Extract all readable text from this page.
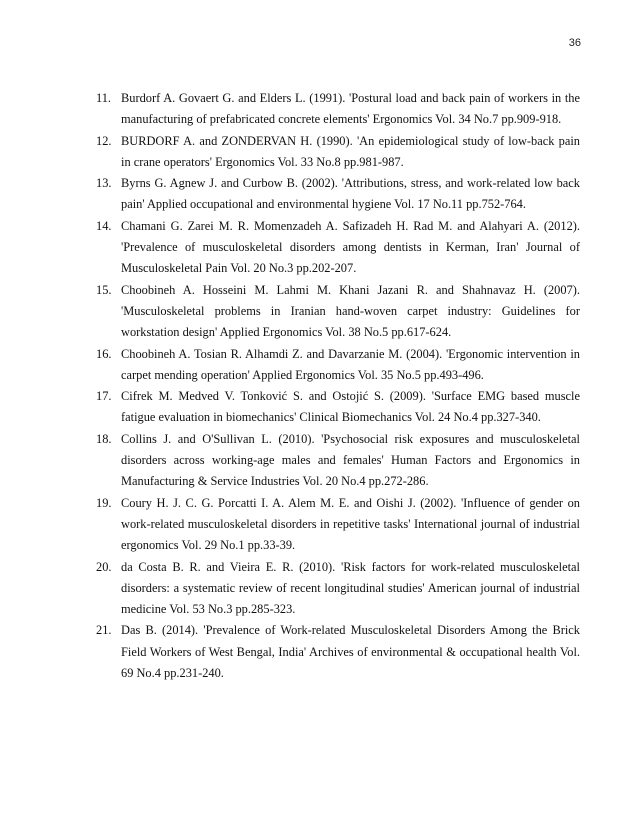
36
11. Burdorf A. Govaert G. and Elders L. (1991). 'Postural load and back pain of workers in the manufacturing of prefabricated concrete elements' Ergonomics Vol. 34 No.7 pp.909-918.
12. BURDORF A. and ZONDERVAN H. (1990). 'An epidemiological study of low-back pain in crane operators' Ergonomics Vol. 33 No.8 pp.981-987.
13. Byrns G. Agnew J. and Curbow B. (2002). 'Attributions, stress, and work-related low back pain' Applied occupational and environmental hygiene Vol. 17 No.11 pp.752-764.
14. Chamani G. Zarei M. R. Momenzadeh A. Safizadeh H. Rad M. and Alahyari A. (2012). 'Prevalence of musculoskeletal disorders among dentists in Kerman, Iran' Journal of Musculoskeletal Pain Vol. 20 No.3 pp.202-207.
15. Choobineh A. Hosseini M. Lahmi M. Khani Jazani R. and Shahnavaz H. (2007). 'Musculoskeletal problems in Iranian hand-woven carpet industry: Guidelines for workstation design' Applied Ergonomics Vol. 38 No.5 pp.617-624.
16. Choobineh A. Tosian R. Alhamdi Z. and Davarzanie M. (2004). 'Ergonomic intervention in carpet mending operation' Applied Ergonomics Vol. 35 No.5 pp.493-496.
17. Cifrek M. Medved V. Tonković S. and Ostojić S. (2009). 'Surface EMG based muscle fatigue evaluation in biomechanics' Clinical Biomechanics Vol. 24 No.4 pp.327-340.
18. Collins J. and O'Sullivan L. (2010). 'Psychosocial risk exposures and musculoskeletal disorders across working-age males and females' Human Factors and Ergonomics in Manufacturing & Service Industries Vol. 20 No.4 pp.272-286.
19. Coury H. J. C. G. Porcatti I. A. Alem M. E. and Oishi J. (2002). 'Influence of gender on work-related musculoskeletal disorders in repetitive tasks' International journal of industrial ergonomics Vol. 29 No.1 pp.33-39.
20. da Costa B. R. and Vieira E. R. (2010). 'Risk factors for work-related musculoskeletal disorders: a systematic review of recent longitudinal studies' American journal of industrial medicine Vol. 53 No.3 pp.285-323.
21. Das B. (2014). 'Prevalence of Work-related Musculoskeletal Disorders Among the Brick Field Workers of West Bengal, India' Archives of environmental & occupational health Vol. 69 No.4 pp.231-240.
